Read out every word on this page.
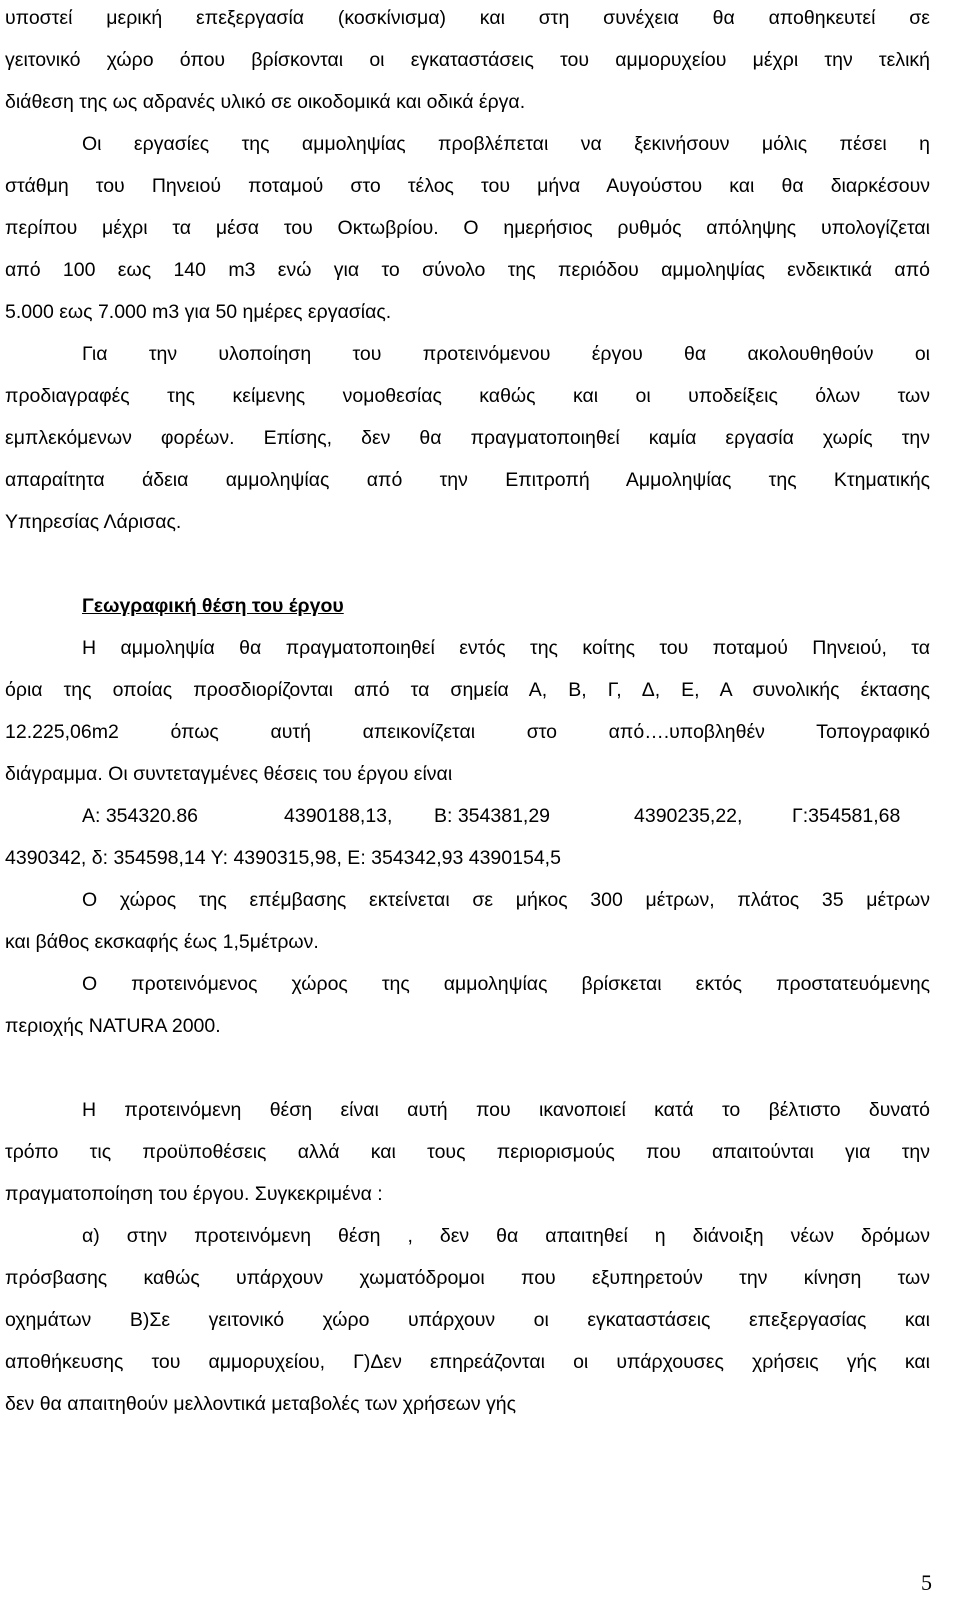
υποστεί μερική επεξεργασία (κοσκίνισμα) και στη συνέχεια θα αποθηκευτεί σε
γειτονικό χώρο όπου βρίσκονται οι εγκαταστάσεις του αμμορυχείου μέχρι την τελική
διάθεση της ως αδρανές υλικό σε οικοδομικά και οδικά έργα.
Οι εργασίες της αμμοληψίας προβλέπεται να ξεκινήσουν μόλις πέσει η
στάθμη του Πηνειού ποταμού στο τέλος του μήνα Αυγούστου και θα διαρκέσουν
περίπου μέχρι τα μέσα του Οκτωβρίου. Ο ημερήσιος ρυθμός απόληψης υπολογίζεται
από 100 εως 140 m3 ενώ για το σύνολο της περιόδου αμμοληψίας ενδεικτικά από
5.000 εως 7.000 m3 για 50 ημέρες εργασίας.
Για την υλοποίηση του προτεινόμενου έργου θα ακολουθηθούν οι
προδιαγραφές της κείμενης νομοθεσίας καθώς και οι υποδείξεις όλων των
εμπλεκόμενων φορέων. Επίσης, δεν θα πραγματοποιηθεί καμία εργασία χωρίς την
απαραίτητα άδεια αμμοληψίας από την Επιτροπή Αμμοληψίας της Κτηματικής
Υπηρεσίας Λάρισας.
Γεωγραφική θέση του έργου
Η αμμοληψία θα πραγματοποιηθεί εντός της κοίτης του ποταμού Πηνειού, τα
όρια της οποίας προσδιορίζονται από τα σημεία Α, Β, Γ, Δ, Ε, Α συνολικής έκτασης
12.225,06m2 όπως αυτή απεικονίζεται στο από….υποβληθέν Τοπογραφικό
διάγραμμα. Οι συντεταγμένες θέσεις του έργου είναι
Α: 354320.86	4390188,13, Β: 354381,29	4390235,22,	Γ:354581,68
4390342, δ: 354598,14 Υ: 4390315,98, Ε: 354342,93 4390154,5
Ο χώρος της επέμβασης εκτείνεται σε μήκος 300 μέτρων, πλάτος 35 μέτρων
και βάθος εκσκαφής έως 1,5μέτρων.
Ο προτεινόμενος χώρος της αμμοληψίας βρίσκεται εκτός προστατευόμενης
περιοχής NATURA 2000.
Η προτεινόμενη θέση είναι αυτή που ικανοποιεί κατά το βέλτιστο δυνατό
τρόπο τις προϋποθέσεις αλλά και τους περιορισμούς που απαιτούνται για την
πραγματοποίηση του έργου. Συγκεκριμένα :
α) στην προτεινόμενη θέση , δεν θα απαιτηθεί η διάνοιξη νέων δρόμων
πρόσβασης καθώς υπάρχουν χωματόδρομοι που εξυπηρετούν την κίνηση των
οχημάτων Β)Σε γειτονικό χώρο υπάρχουν οι εγκαταστάσεις επεξεργασίας και
αποθήκευσης του αμμορυχείου, Γ)Δεν επηρεάζονται οι υπάρχουσες χρήσεις γής και
δεν θα απαιτηθούν μελλοντικά μεταβολές των χρήσεων γής
5
